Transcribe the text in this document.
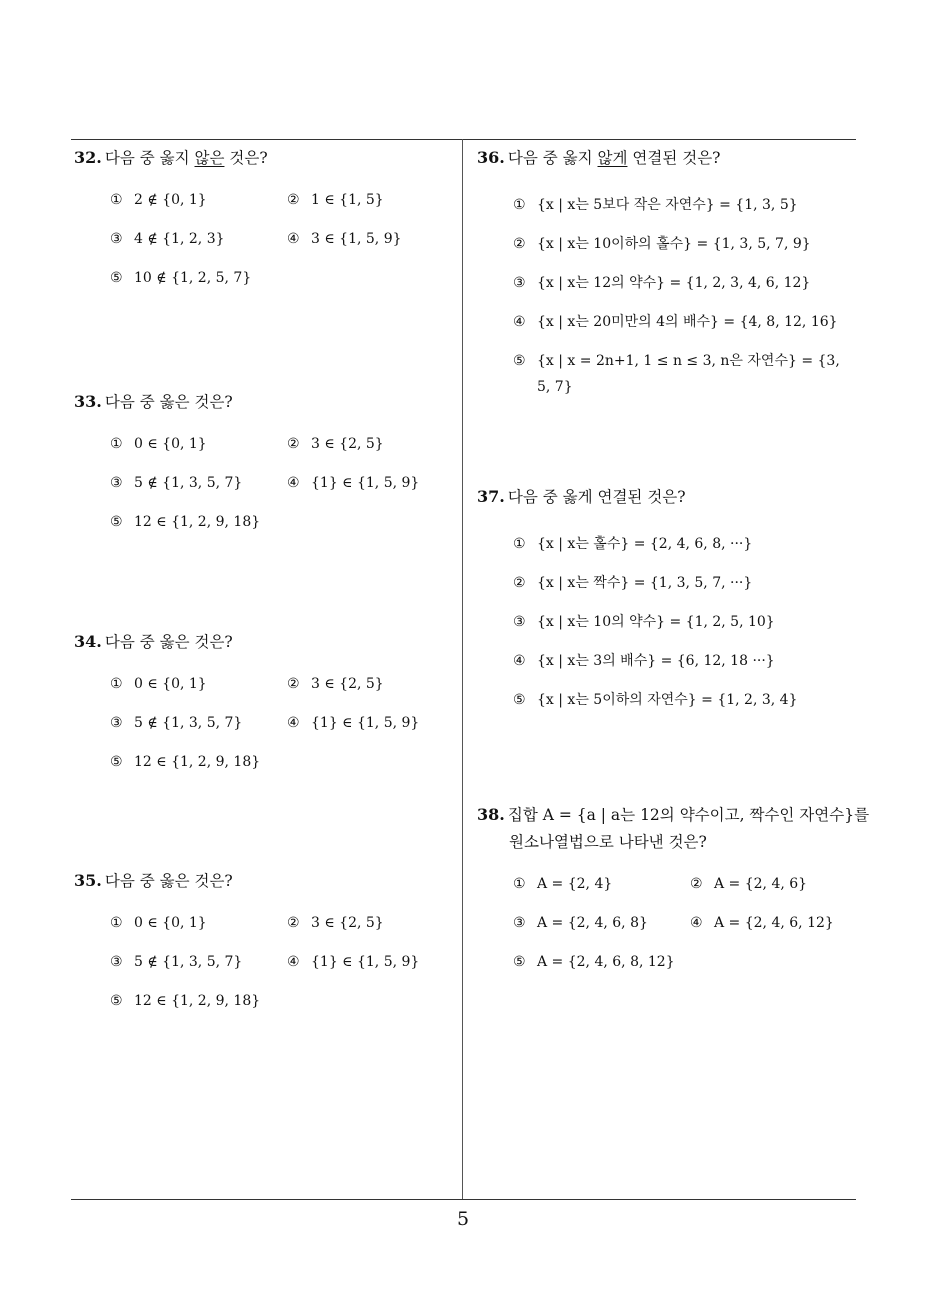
32. 다음 중 옳지 않은 것은?
① 2 ∉ {0, 1}	② 1 ∈ {1, 5}
③ 4 ∉ {1, 2, 3}	④ 3 ∈ {1, 5, 9}
⑤ 10 ∉ {1, 2, 5, 7}
33. 다음 중 옳은 것은?
① 0 ∈ {0, 1}	② 3 ∈ {2, 5}
③ 5 ∉ {1, 3, 5, 7}	④ {1} ∈ {1, 5, 9}
⑤ 12 ∈ {1, 2, 9, 18}
34. 다음 중 옳은 것은?
① 0 ∈ {0, 1}	② 3 ∈ {2, 5}
③ 5 ∉ {1, 3, 5, 7}	④ {1} ∈ {1, 5, 9}
⑤ 12 ∈ {1, 2, 9, 18}
35. 다음 중 옳은 것은?
① 0 ∈ {0, 1}	② 3 ∈ {2, 5}
③ 5 ∉ {1, 3, 5, 7}	④ {1} ∈ {1, 5, 9}
⑤ 12 ∈ {1, 2, 9, 18}
36. 다음 중 옳지 않게 연결된 것은?
① {x | x는 5보다 작은 자연수} = {1, 3, 5}
② {x | x는 10이하의 홀수} = {1, 3, 5, 7, 9}
③ {x | x는 12의 약수} = {1, 2, 3, 4, 6, 12}
④ {x | x는 20미만의 4의 배수} = {4, 8, 12, 16}
⑤ {x | x = 2n+1, 1 ≤ n ≤ 3, n은 자연수} = {3,
5, 7}
37. 다음 중 옳게 연결된 것은?
① {x | x는 홀수} = {2, 4, 6, 8, ···}
② {x | x는 짝수} = {1, 3, 5, 7, ···}
③ {x | x는 10의 약수} = {1, 2, 5, 10}
④ {x | x는 3의 배수} = {6, 12, 18 ···}
⑤ {x | x는 5이하의 자연수} = {1, 2, 3, 4}
38. 집합 A = {a | a는 12의 약수이고, 짝수인 자연수}를
원소나열법으로 나타낸 것은?
① A = {2, 4}	② A = {2, 4, 6}
③ A = {2, 4, 6, 8}	④ A = {2, 4, 6, 12}
⑤ A = {2, 4, 6, 8, 12}
5
